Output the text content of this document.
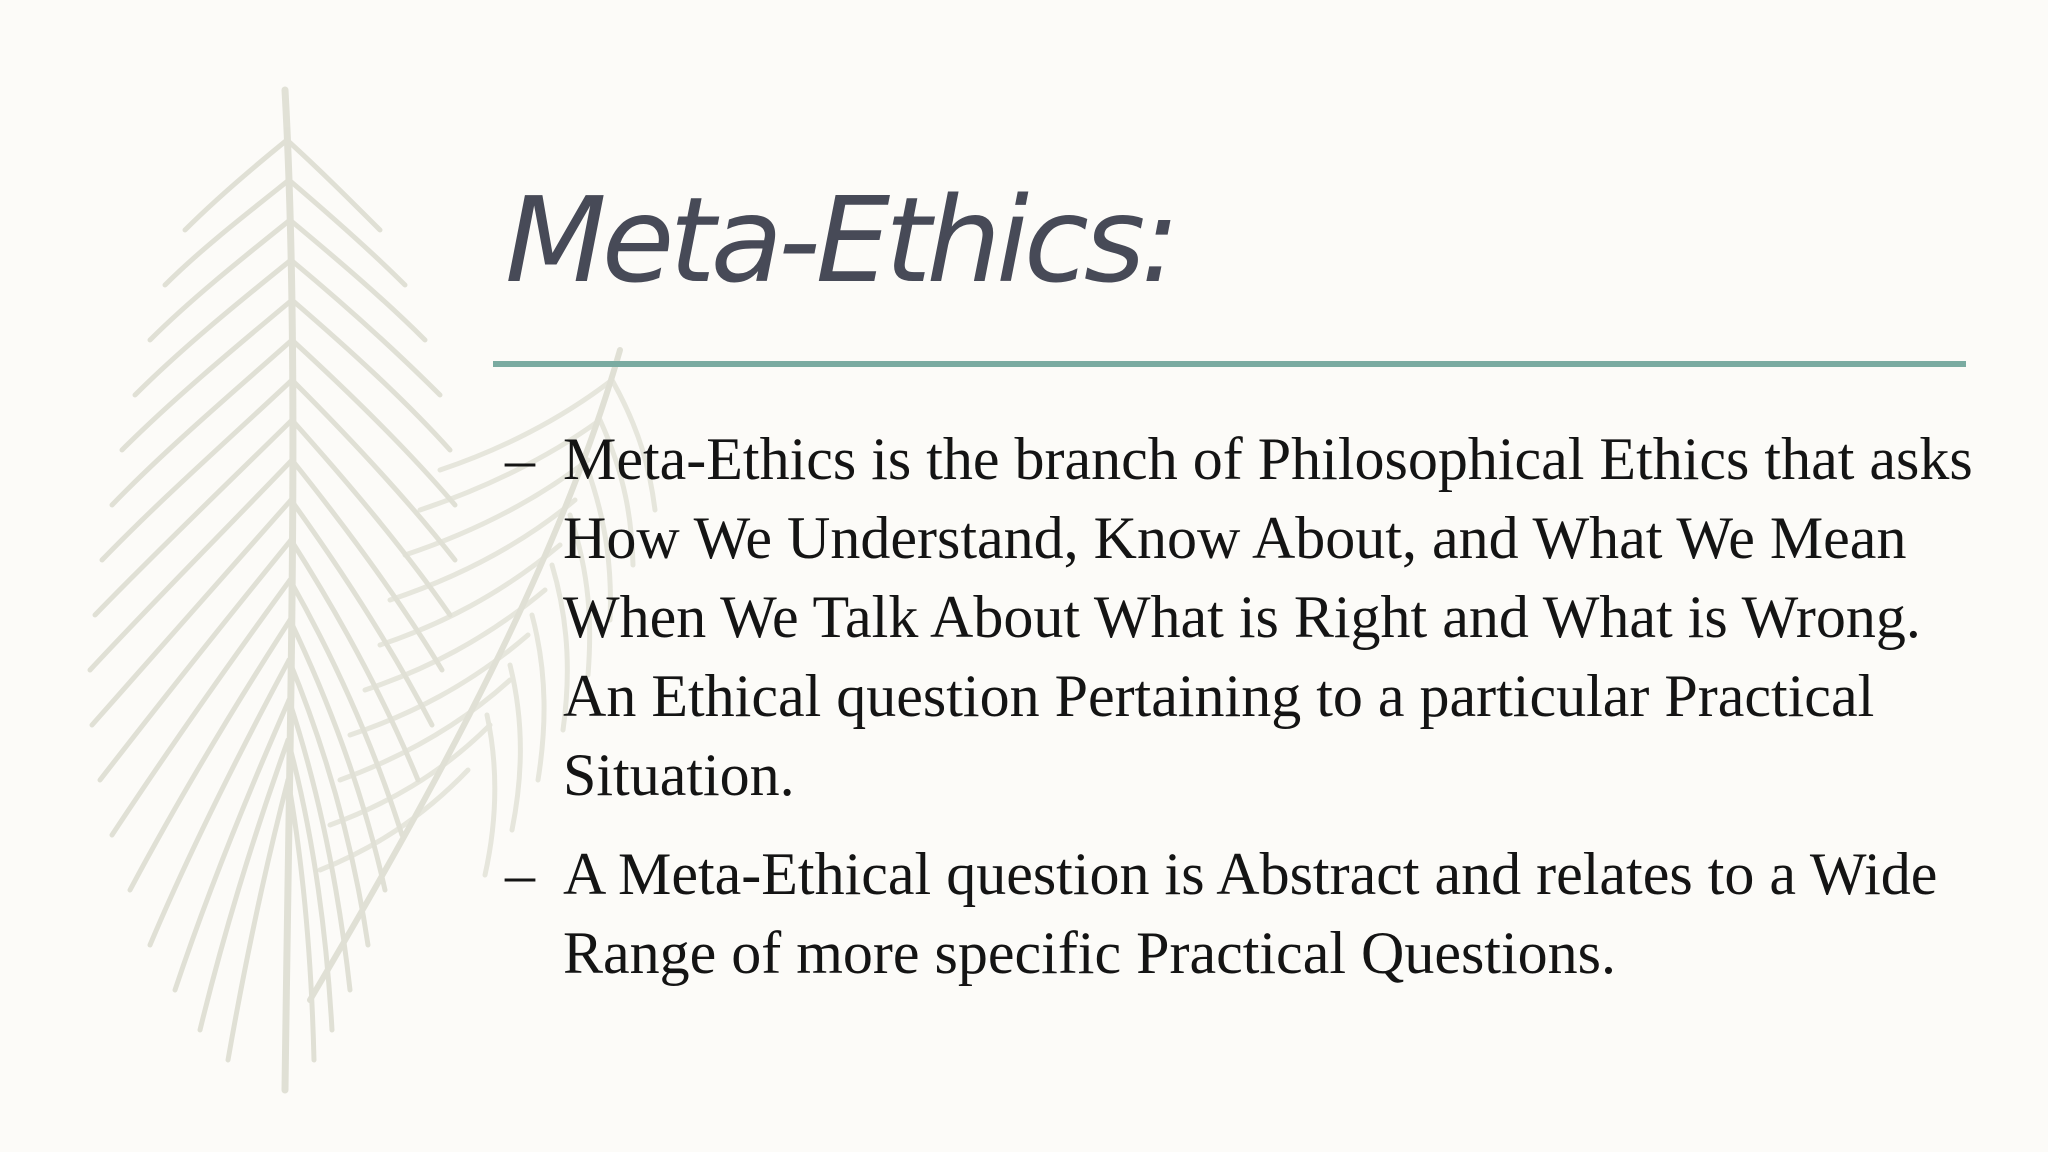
Meta-Ethics:
– Meta-Ethics is the branch of Philosophical Ethics that asks How We Understand, Know About, and What We Mean When We Talk About What is Right and What is Wrong. An Ethical question Pertaining to a particular Practical Situation.
– A Meta-Ethical question is Abstract and relates to a Wide Range of more specific Practical Questions.
